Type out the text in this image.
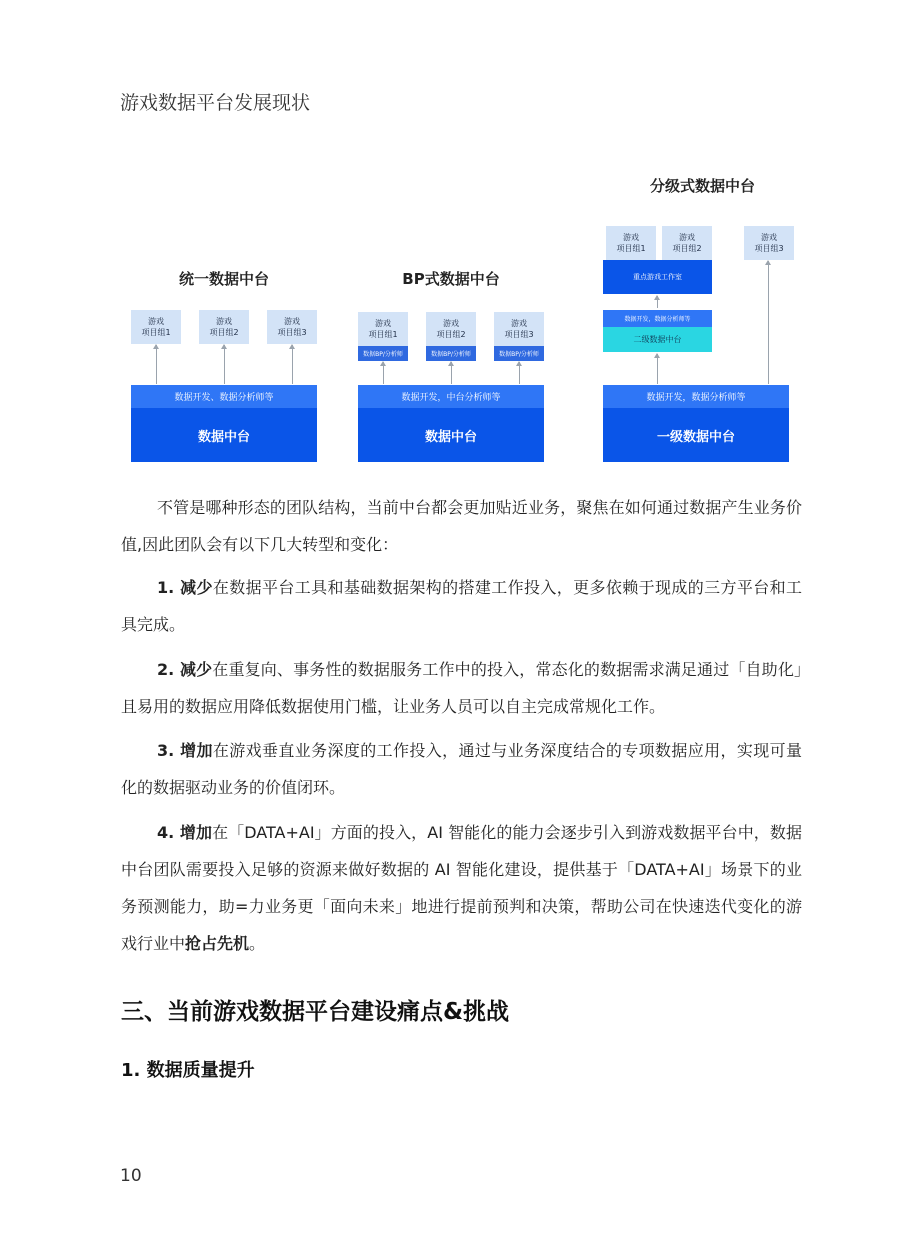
游戏数据平台发展现状
统一数据中台
游戏
项目组1
游戏
项目组2
游戏
项目组3
数据开发、数据分析师等
数据中台
BP式数据中台
游戏
项目组1
游戏
项目组2
游戏
项目组3
数据BP/分析师	数据BP/分析师	数据BP/分析师
数据开发，中台分析师等
数据中台
分级式数据中台
游戏
项目组1
游戏
项目组2
游戏
项目组3
重点游戏工作室
数据开发，数据分析师等
二级数据中台
数据开发，数据分析师等
一级数据中台
不管是哪种形态的团队结构，当前中台都会更加贴近业务，聚焦在如何通过数据产生业务价值,因此团队会有以下几大转型和变化：
1. 减少在数据平台工具和基础数据架构的搭建工作投入，更多依赖于现成的三方平台和工具完成。
2. 减少在重复向、事务性的数据服务工作中的投入，常态化的数据需求满足通过「自助化」且易用的数据应用降低数据使用门槛，让业务人员可以自主完成常规化工作。
3. 增加在游戏垂直业务深度的工作投入，通过与业务深度结合的专项数据应用，实现可量化的数据驱动业务的价值闭环。
4. 增加在「DATA+AI」方面的投入，AI 智能化的能力会逐步引入到游戏数据平台中，数据中台团队需要投入足够的资源来做好数据的 AI 智能化建设，提供基于「DATA+AI」场景下的业务预测能力，助=力业务更「面向未来」地进行提前预判和决策，帮助公司在快速迭代变化的游戏行业中抢占先机。
三、当前游戏数据平台建设痛点&挑战
1. 数据质量提升
10
